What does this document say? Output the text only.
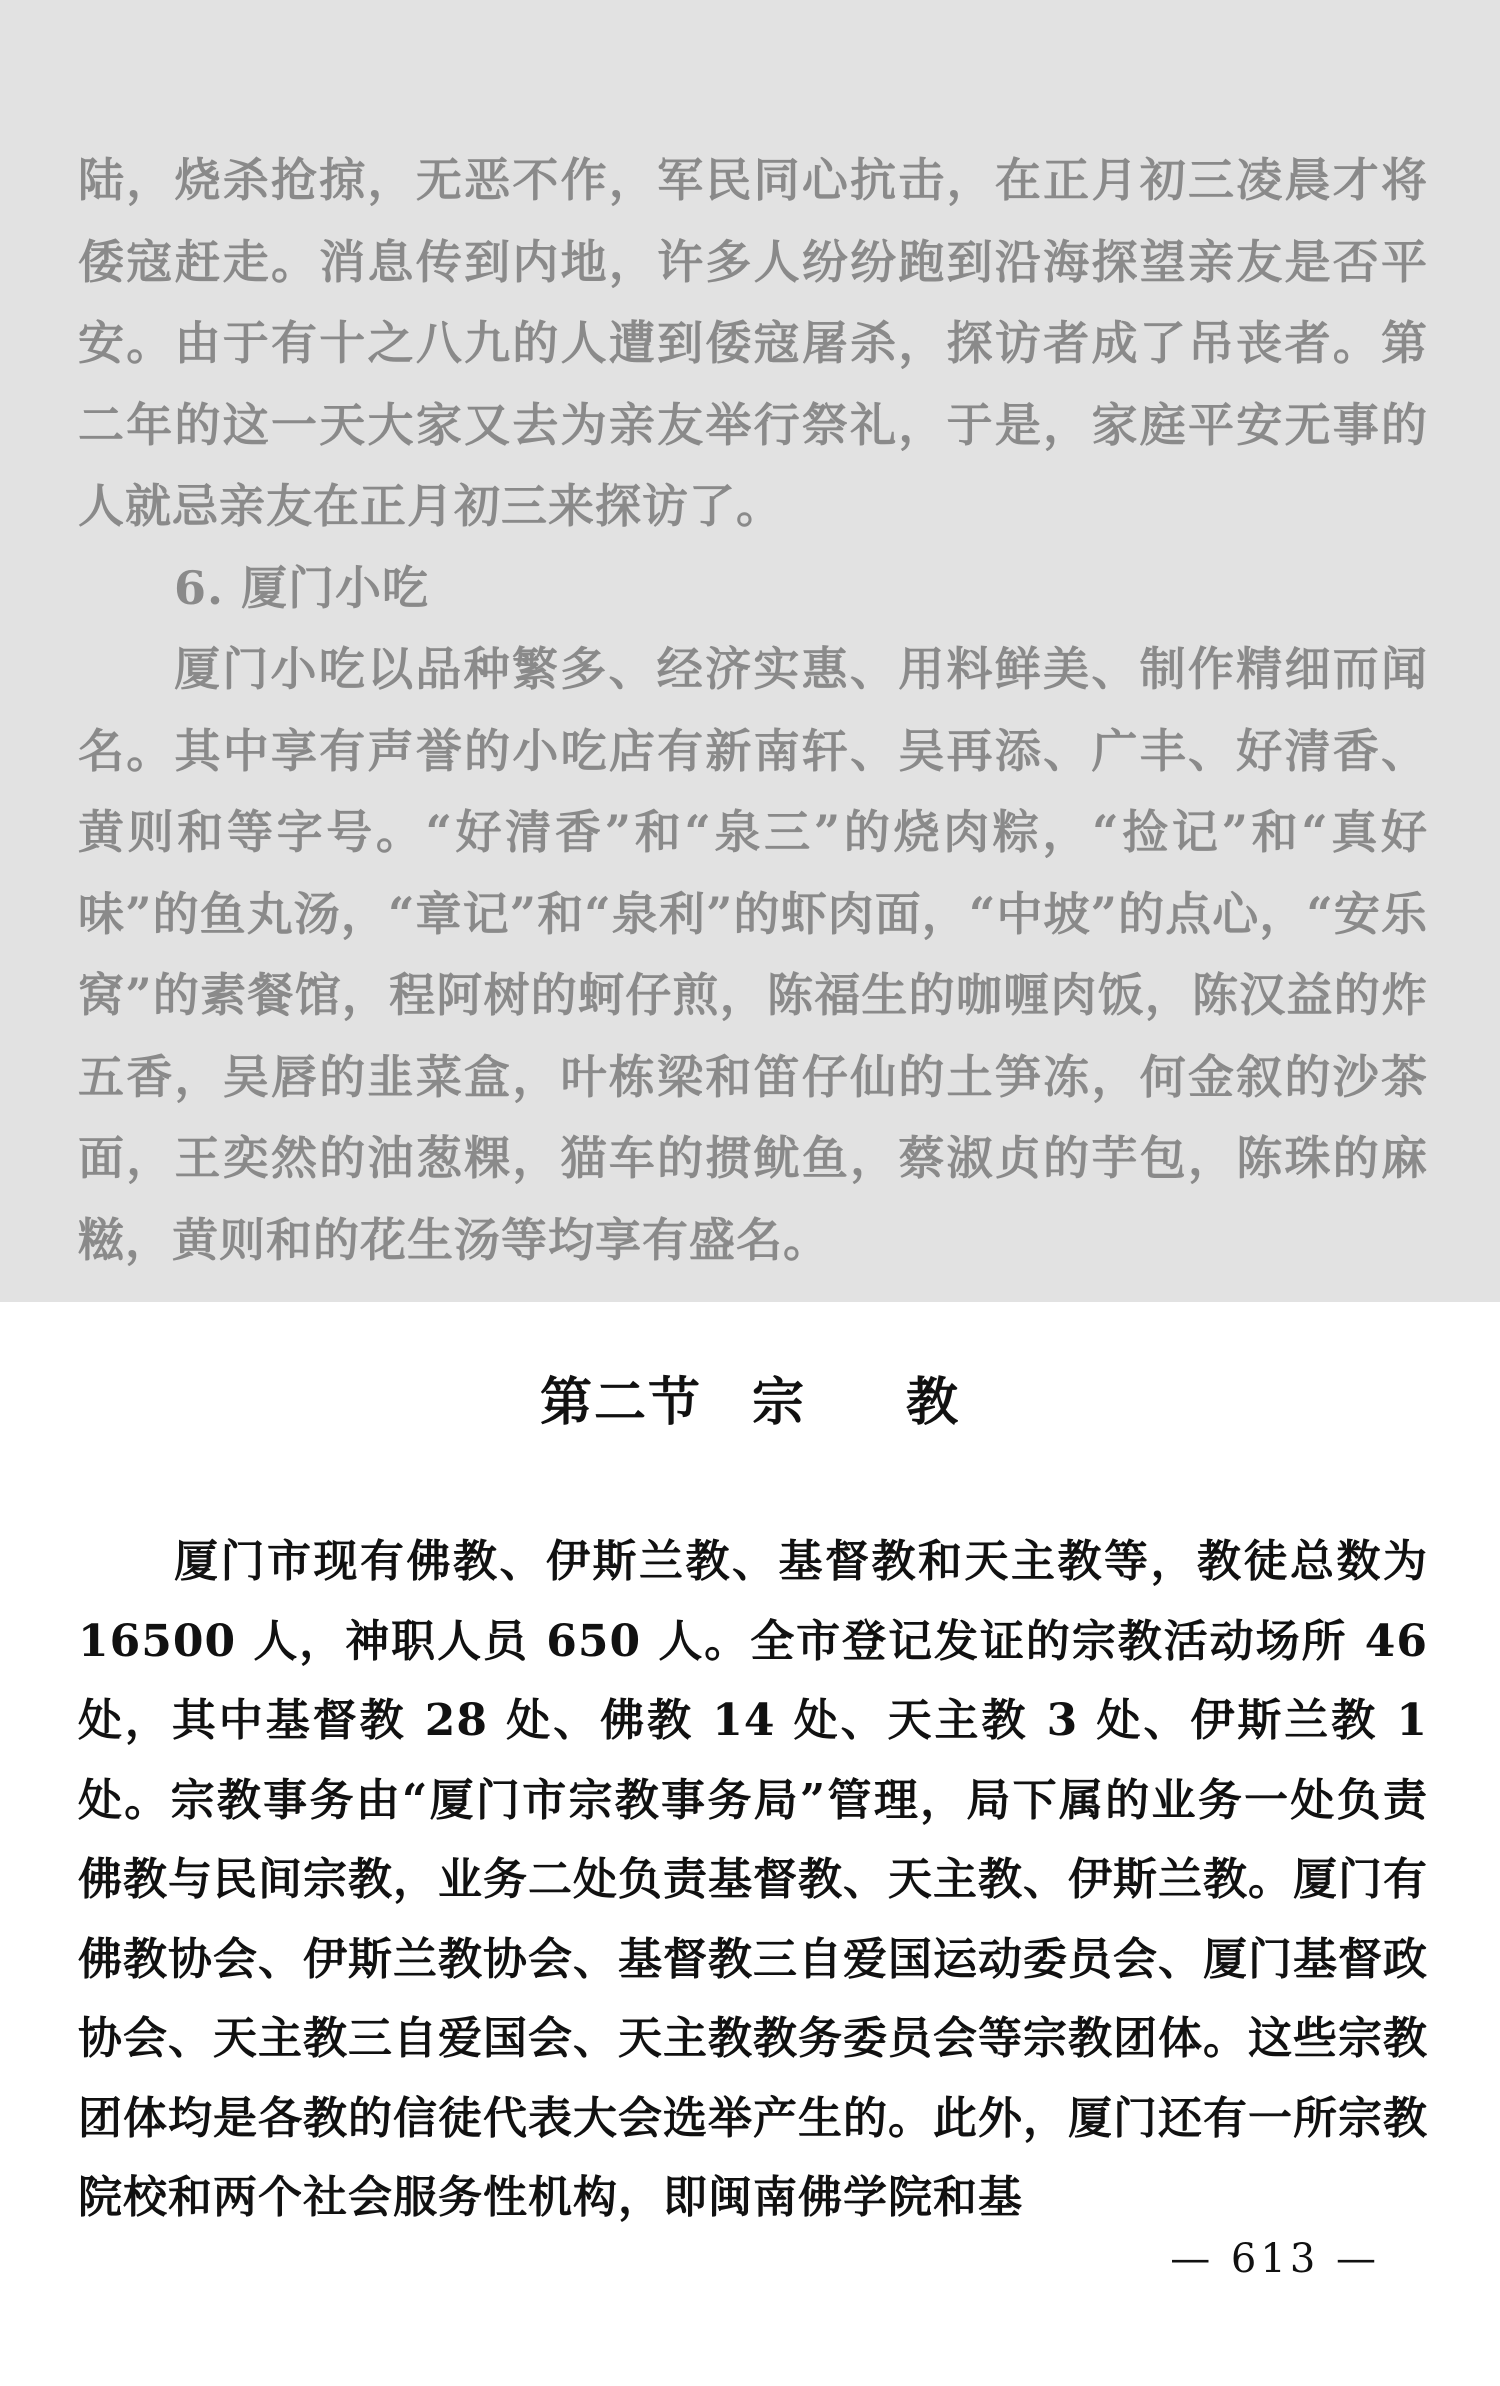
陆，烧杀抢掠，无恶不作，军民同心抗击，在正月初三凌晨才将倭寇赶走。消息传到内地，许多人纷纷跑到沿海探望亲友是否平安。由于有十之八九的人遭到倭寇屠杀，探访者成了吊丧者。第二年的这一天大家又去为亲友举行祭礼，于是，家庭平安无事的人就忌亲友在正月初三来探访了。

6. 厦门小吃

厦门小吃以品种繁多、经济实惠、用料鲜美、制作精细而闻名。其中享有声誉的小吃店有新南轩、吴再添、广丰、好清香、黄则和等字号。“好清香”和“泉三”的烧肉粽，“捡记”和“真好味”的鱼丸汤，“章记”和“泉利”的虾肉面，“中坡”的点心，“安乐窝”的素餐馆，程阿树的蚵仔煎，陈福生的咖喱肉饭，陈汉益的炸五香，吴唇的韭菜盒，叶栋梁和笛仔仙的土笋冻，何金叙的沙茶面，王奕然的油葱粿，猫车的掼鱿鱼，蔡淑贞的芋包，陈珠的麻糍，黄则和的花生汤等均享有盛名。

第二节 宗 教

厦门市现有佛教、伊斯兰教、基督教和天主教等，教徒总数为 16500 人，神职人员 650 人。全市登记发证的宗教活动场所 46 处，其中基督教 28 处、佛教 14 处、天主教 3 处、伊斯兰教 1 处。宗教事务由“厦门市宗教事务局”管理，局下属的业务一处负责佛教与民间宗教，业务二处负责基督教、天主教、伊斯兰教。厦门有佛教协会、伊斯兰教协会、基督教三自爱国运动委员会、厦门基督政协会、天主教三自爱国会、天主教教务委员会等宗教团体。这些宗教团体均是各教的信徒代表大会选举产生的。此外，厦门还有一所宗教院校和两个社会服务性机构，即闽南佛学院和基

— 613 —
